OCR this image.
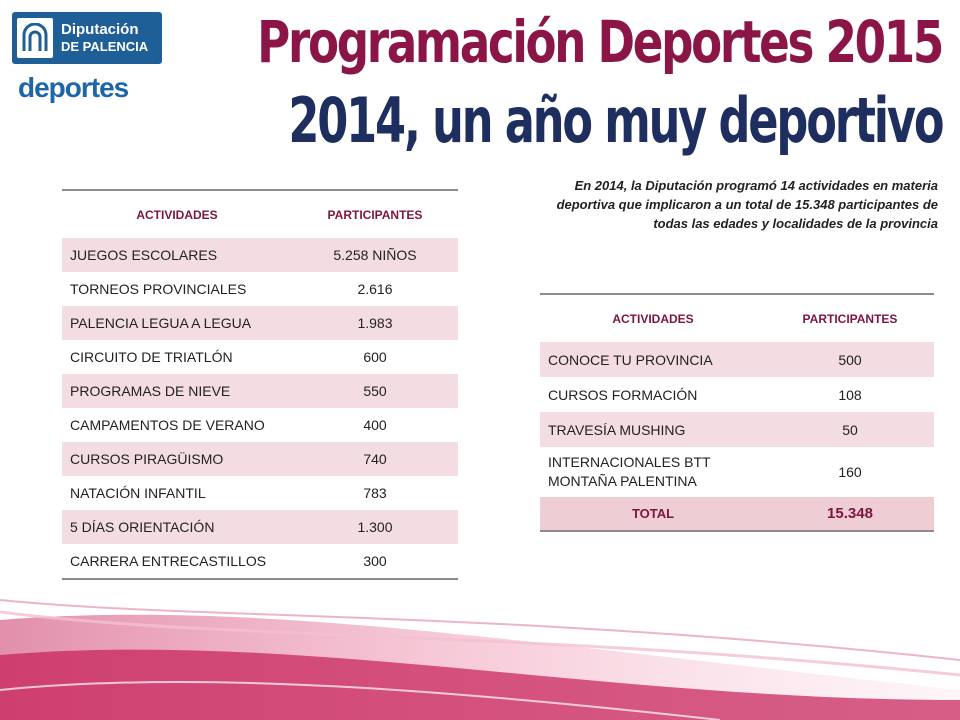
Diputación
DE PALENCIA
deportes
Programación Deportes 2015
2014, un año muy deportivo

En 2014, la Diputación programó 14 actividades en materia deportiva que implicaron a un total de 15.348 participantes de todas las edades y localidades de la provincia

ACTIVIDADES	PARTICIPANTES
JUEGOS ESCOLARES	5.258 NIÑOS
TORNEOS PROVINCIALES	2.616
PALENCIA LEGUA A LEGUA	1.983
CIRCUITO DE TRIATLÓN	600
PROGRAMAS DE NIEVE	550
CAMPAMENTOS DE VERANO	400
CURSOS PIRAGÜISMO	740
NATACIÓN INFANTIL	783
5 DÍAS ORIENTACIÓN	1.300
CARRERA ENTRECASTILLOS	300
ACTIVIDADES	PARTICIPANTES
CONOCE TU PROVINCIA	500
CURSOS FORMACIÓN	108
TRAVESÍA MUSHING	50
INTERNACIONALES BTT MONTAÑA PALENTINA	160
TOTAL	15.348
